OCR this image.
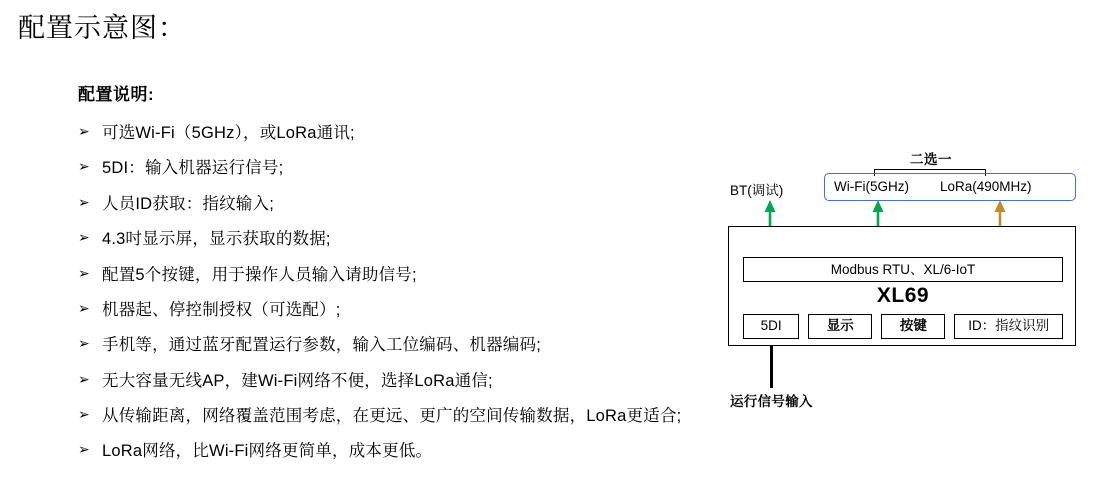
配置示意图：
配置说明:
➢ 可选Wi-Fi（5GHz），或LoRa通讯;
➢ 5DI：输入机器运行信号;
➢ 人员ID获取：指纹输入;
➢ 4.3吋显示屏，显示获取的数据;
➢ 配置5个按键，用于操作人员输入请助信号;
➢ 机器起、停控制授权（可选配）;
➢ 手机等，通过蓝牙配置运行参数，输入工位编码、机器编码;
➢ 无大容量无线AP，建Wi-Fi网络不便，选择LoRa通信;
➢ 从传输距离，网络覆盖范围考虑，在更远、更广的空间传输数据，LoRa更适合;
➢ LoRa网络，比Wi-Fi网络更简单，成本更低。
二选一
BT(调试)	Wi-Fi(5GHz) LoRa(490MHz)
Modbus RTU、XL/6-IoT
XL69
5DI	显示	按键	ID：指纹识别
运行信号输入
